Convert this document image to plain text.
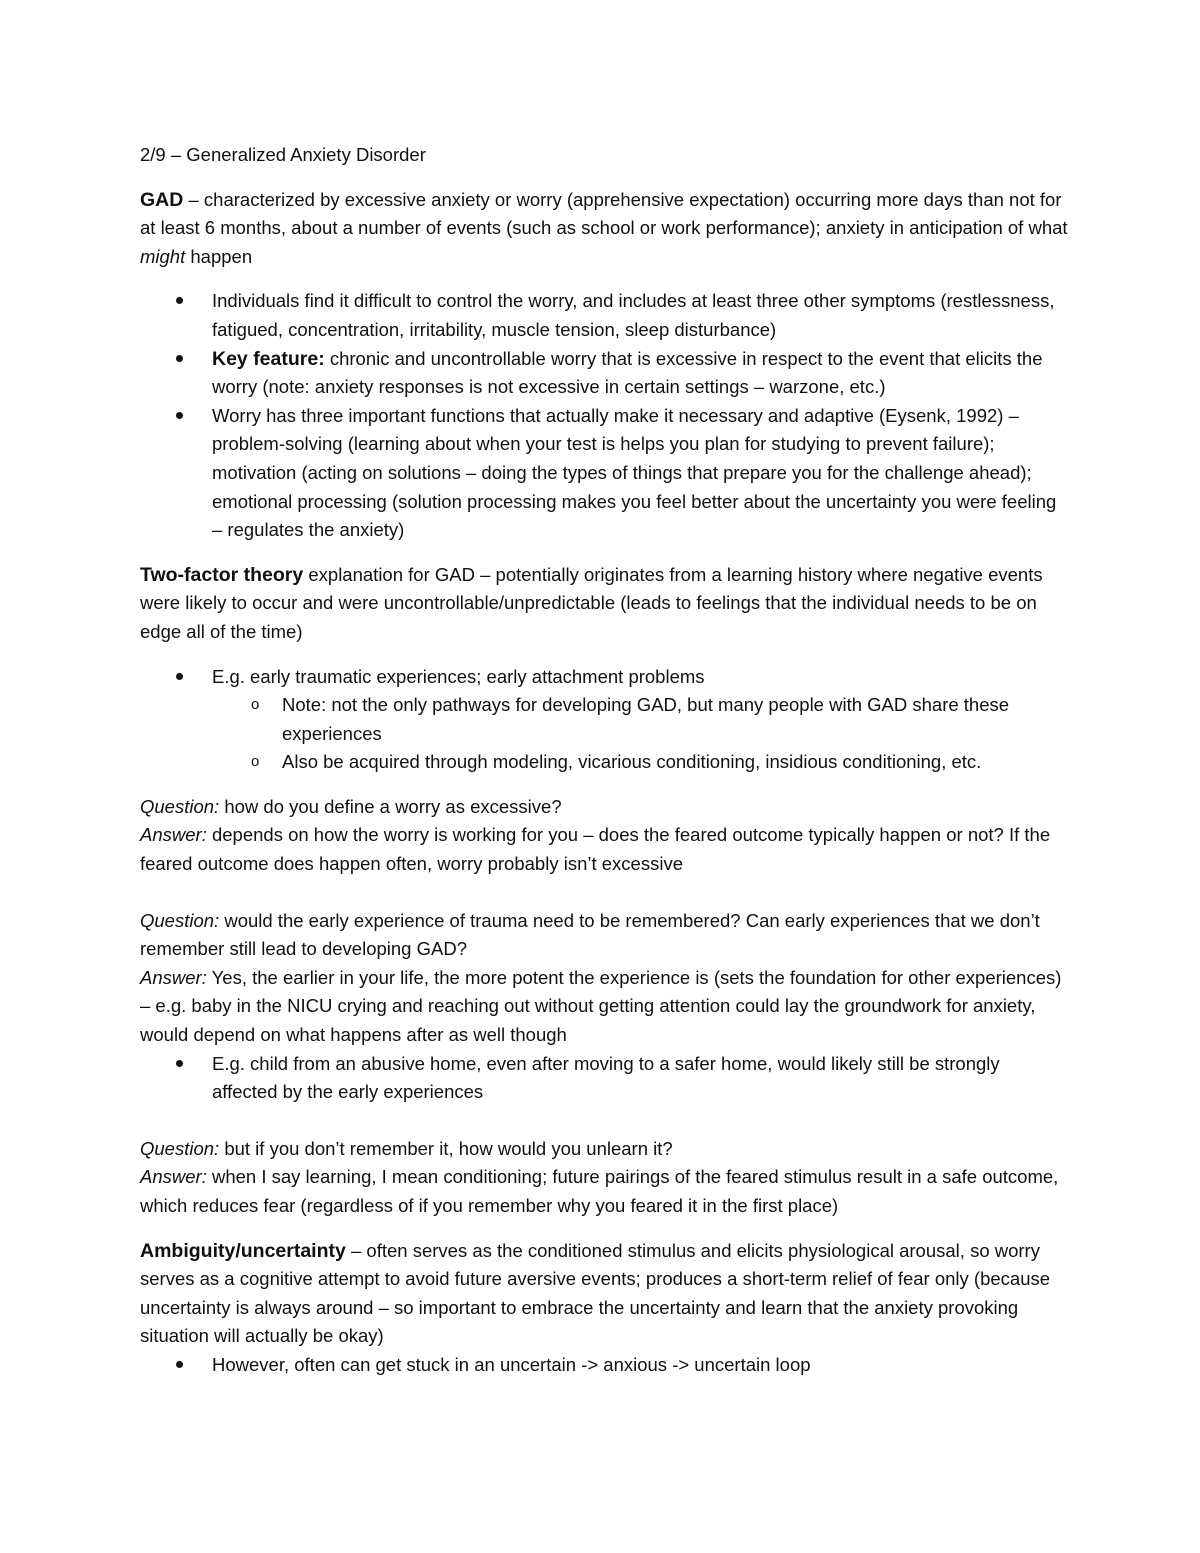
2/9 – Generalized Anxiety Disorder

GAD – characterized by excessive anxiety or worry (apprehensive expectation) occurring more days than not for at least 6 months, about a number of events (such as school or work performance); anxiety in anticipation of what might happen

Individuals find it difficult to control the worry, and includes at least three other symptoms (restlessness, fatigued, concentration, irritability, muscle tension, sleep disturbance)
Key feature: chronic and uncontrollable worry that is excessive in respect to the event that elicits the worry (note: anxiety responses is not excessive in certain settings – warzone, etc.)
Worry has three important functions that actually make it necessary and adaptive (Eysenk, 1992) – problem-solving (learning about when your test is helps you plan for studying to prevent failure); motivation (acting on solutions – doing the types of things that prepare you for the challenge ahead); emotional processing (solution processing makes you feel better about the uncertainty you were feeling – regulates the anxiety)

Two-factor theory explanation for GAD – potentially originates from a learning history where negative events were likely to occur and were uncontrollable/unpredictable (leads to feelings that the individual needs to be on edge all of the time)

E.g. early traumatic experiences; early attachment problems
o Note: not the only pathways for developing GAD, but many people with GAD share these experiences
o Also be acquired through modeling, vicarious conditioning, insidious conditioning, etc.

Question: how do you define a worry as excessive?

Answer: depends on how the worry is working for you – does the feared outcome typically happen or not? If the feared outcome does happen often, worry probably isn’t excessive

Question: would the early experience of trauma need to be remembered? Can early experiences that we don’t remember still lead to developing GAD?

Answer: Yes, the earlier in your life, the more potent the experience is (sets the foundation for other experiences) – e.g. baby in the NICU crying and reaching out without getting attention could lay the groundwork for anxiety, would depend on what happens after as well though

E.g. child from an abusive home, even after moving to a safer home, would likely still be strongly affected by the early experiences

Question: but if you don’t remember it, how would you unlearn it?

Answer: when I say learning, I mean conditioning; future pairings of the feared stimulus result in a safe outcome, which reduces fear (regardless of if you remember why you feared it in the first place)

Ambiguity/uncertainty – often serves as the conditioned stimulus and elicits physiological arousal, so worry serves as a cognitive attempt to avoid future aversive events; produces a short-term relief of fear only (because uncertainty is always around – so important to embrace the uncertainty and learn that the anxiety provoking situation will actually be okay)

However, often can get stuck in an uncertain -> anxious -> uncertain loop
